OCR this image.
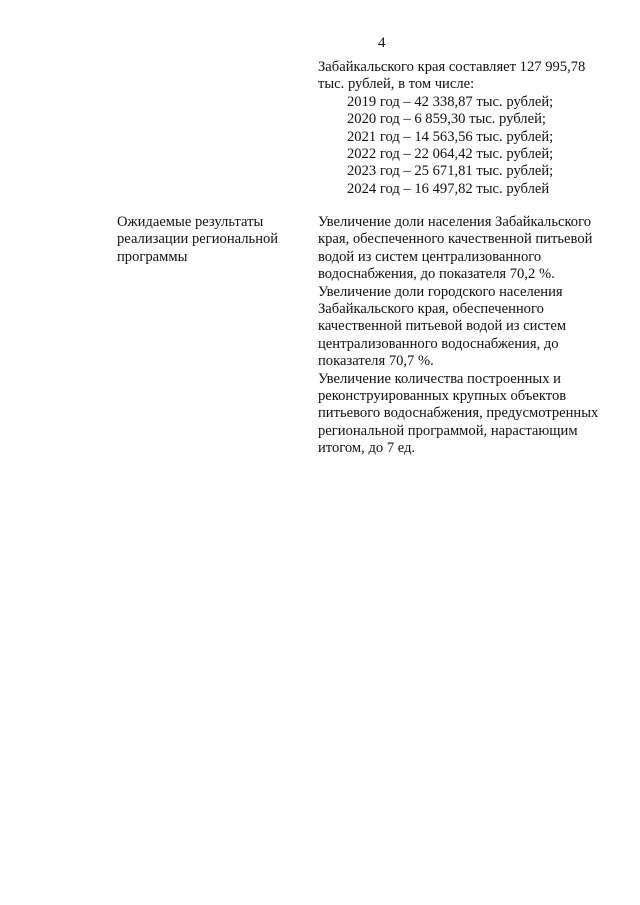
4
Забайкальского края составляет 127 995,78
тыс. рублей, в том числе:
2019 год – 42 338,87 тыс. рублей;
2020 год – 6 859,30 тыс. рублей;
2021 год – 14 563,56 тыс. рублей;
2022 год – 22 064,42 тыс. рублей;
2023 год – 25 671,81 тыс. рублей;
2024 год – 16 497,82 тыс. рублей
Ожидаемые результаты
реализации региональной
программы
Увеличение доли населения Забайкальского
края, обеспеченного качественной питьевой
водой из систем централизованного
водоснабжения, до показателя 70,2 %.
Увеличение доли городского населения
Забайкальского края, обеспеченного
качественной питьевой водой из систем
централизованного водоснабжения, до
показателя 70,7 %.
Увеличение количества построенных и
реконструированных крупных объектов
питьевого водоснабжения, предусмотренных
региональной программой, нарастающим
итогом, до 7 ед.
